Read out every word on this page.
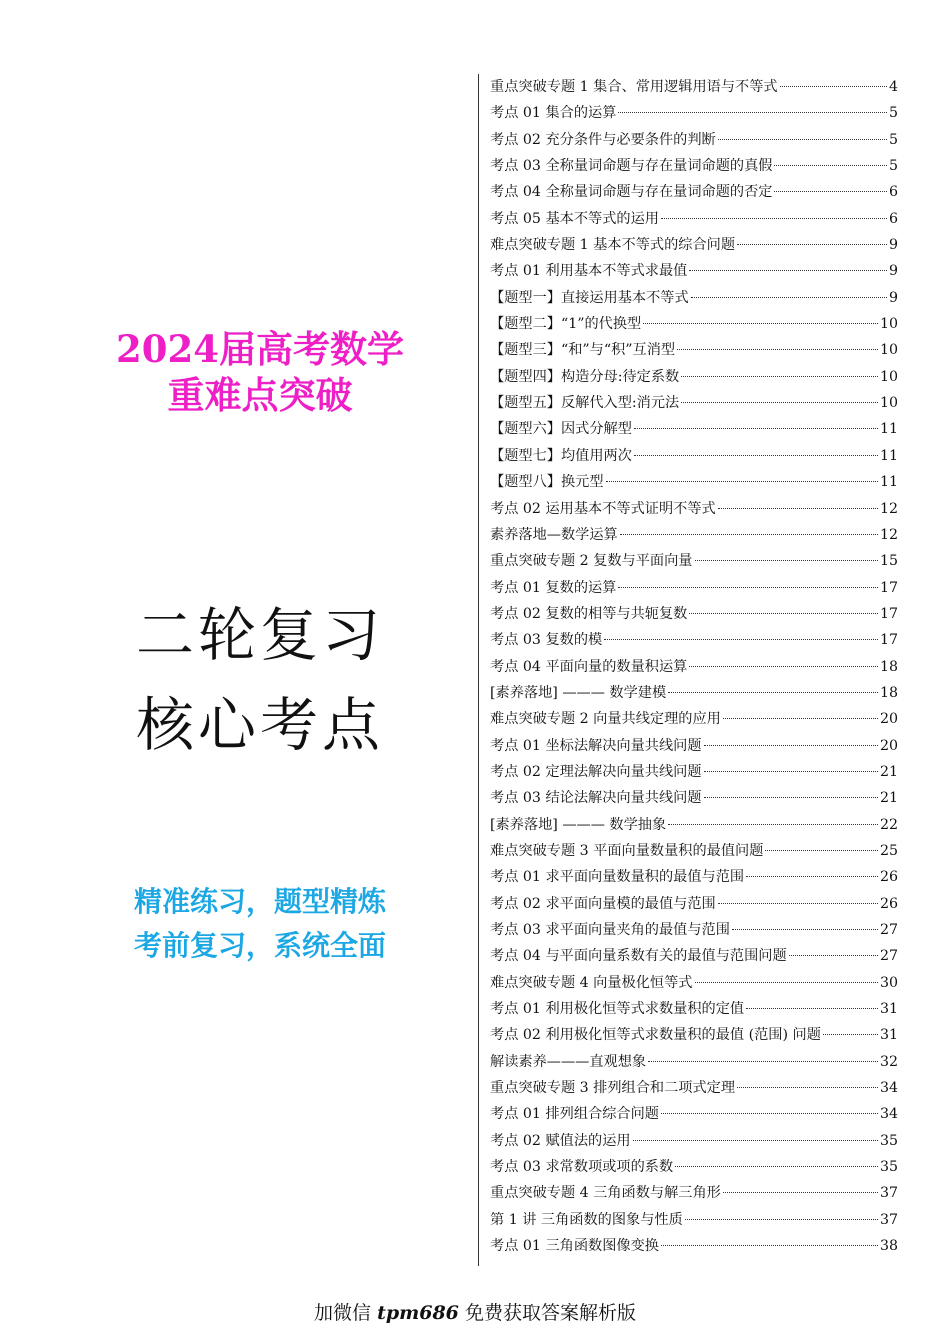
2024届高考数学
重难点突破
二轮复习
核心考点
精准练习，题型精炼
考前复习，系统全面
重点突破专题 1 集合、常用逻辑用语与不等式	4
考点 01 集合的运算	5
考点 02 充分条件与必要条件的判断	5
考点 03 全称量词命题与存在量词命题的真假	5
考点 04 全称量词命题与存在量词命题的否定	6
考点 05 基本不等式的运用	6
难点突破专题 1 基本不等式的综合问题	9
考点 01 利用基本不等式求最值	9
【题型一】直接运用基本不等式	9
【题型二】“1”的代换型	10
【题型三】“和”与“积”互消型	10
【题型四】构造分母:待定系数	10
【题型五】反解代入型:消元法	10
【题型六】因式分解型	11
【题型七】均值用两次	11
【题型八】换元型	11
考点 02 运用基本不等式证明不等式	12
素养落地—数学运算	12
重点突破专题 2 复数与平面向量	15
考点 01 复数的运算	17
考点 02 复数的相等与共轭复数	17
考点 03 复数的模	17
考点 04 平面向量的数量积运算	18
[素养落地] ——— 数学建模	18
难点突破专题 2 向量共线定理的应用	20
考点 01 坐标法解决向量共线问题	20
考点 02 定理法解决向量共线问题	21
考点 03 结论法解决向量共线问题	21
[素养落地] ——— 数学抽象	22
难点突破专题 3 平面向量数量积的最值问题	25
考点 01 求平面向量数量积的最值与范围	26
考点 02 求平面向量模的最值与范围	26
考点 03 求平面向量夹角的最值与范围	27
考点 04 与平面向量系数有关的最值与范围问题	27
难点突破专题 4 向量极化恒等式	30
考点 01 利用极化恒等式求数量积的定值	31
考点 02 利用极化恒等式求数量积的最值 (范围) 问题	31
解读素养———直观想象	32
重点突破专题 3 排列组合和二项式定理	34
考点 01 排列组合综合问题	34
考点 02 赋值法的运用	35
考点 03 求常数项或项的系数	35
重点突破专题 4 三角函数与解三角形	37
第 1 讲 三角函数的图象与性质	37
考点 01 三角函数图像变换	38
加微信 tpm686 免费获取答案解析版
